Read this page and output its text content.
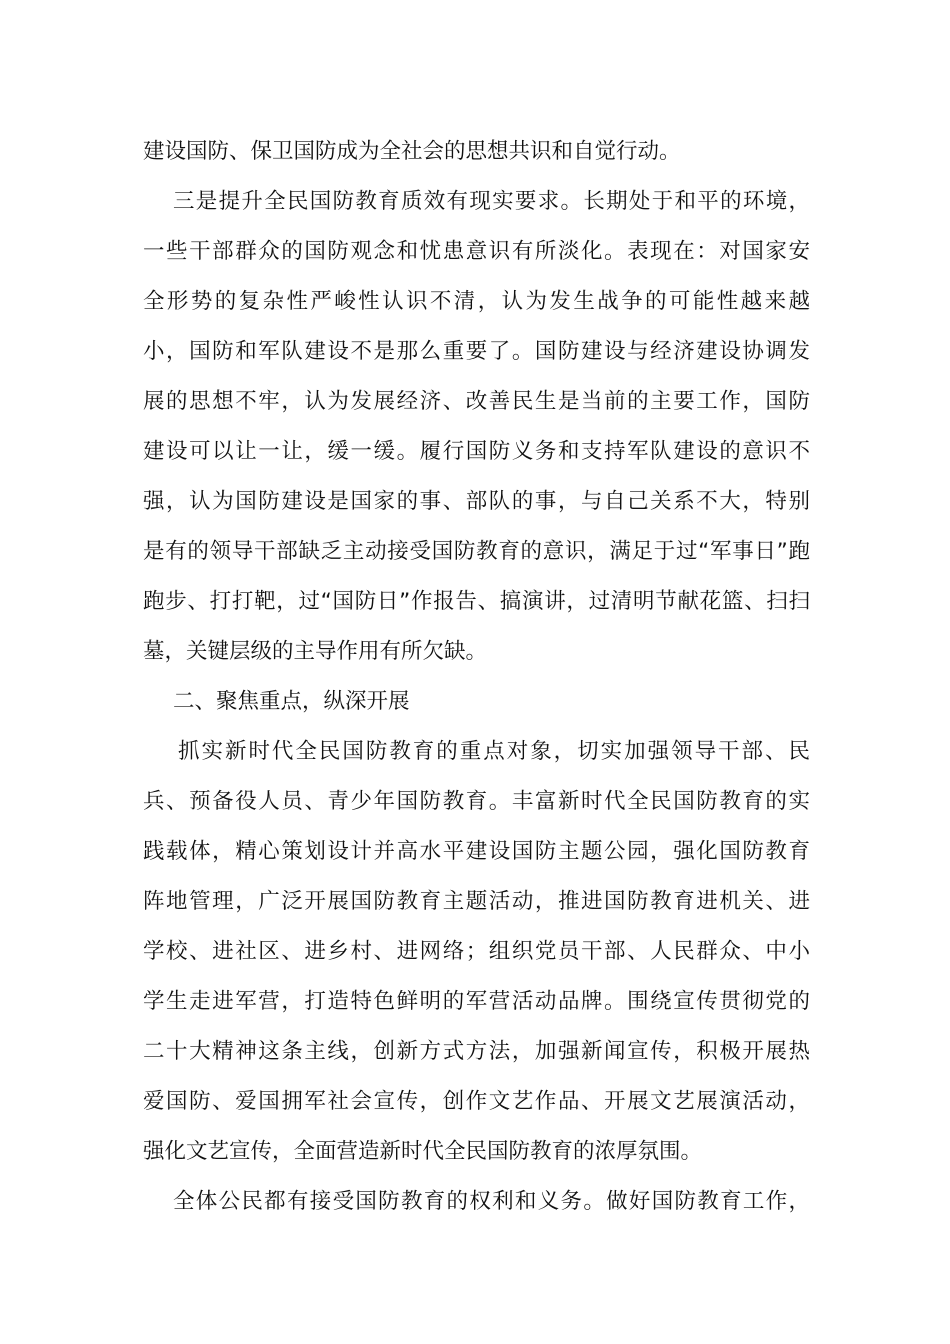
建设国防、保卫国防成为全社会的思想共识和自觉行动。
三是提升全民国防教育质效有现实要求。长期处于和平的环境，
一些干部群众的国防观念和忧患意识有所淡化。表现在：对国家安
全形势的复杂性严峻性认识不清，认为发生战争的可能性越来越
小，国防和军队建设不是那么重要了。国防建设与经济建设协调发
展的思想不牢，认为发展经济、改善民生是当前的主要工作，国防
建设可以让一让，缓一缓。履行国防义务和支持军队建设的意识不
强，认为国防建设是国家的事、部队的事，与自己关系不大，特别
是有的领导干部缺乏主动接受国防教育的意识，满足于过“军事日”跑
跑步、打打靶，过“国防日”作报告、搞演讲，过清明节献花篮、扫扫
墓，关键层级的主导作用有所欠缺。
二、聚焦重点，纵深开展
抓实新时代全民国防教育的重点对象，切实加强领导干部、民
兵、预备役人员、青少年国防教育。丰富新时代全民国防教育的实
践载体，精心策划设计并高水平建设国防主题公园，强化国防教育
阵地管理，广泛开展国防教育主题活动，推进国防教育进机关、进
学校、进社区、进乡村、进网络；组织党员干部、人民群众、中小
学生走进军营，打造特色鲜明的军营活动品牌。围绕宣传贯彻党的
二十大精神这条主线，创新方式方法，加强新闻宣传，积极开展热
爱国防、爱国拥军社会宣传，创作文艺作品、开展文艺展演活动，
强化文艺宣传，全面营造新时代全民国防教育的浓厚氛围。
全体公民都有接受国防教育的权利和义务。做好国防教育工作，
